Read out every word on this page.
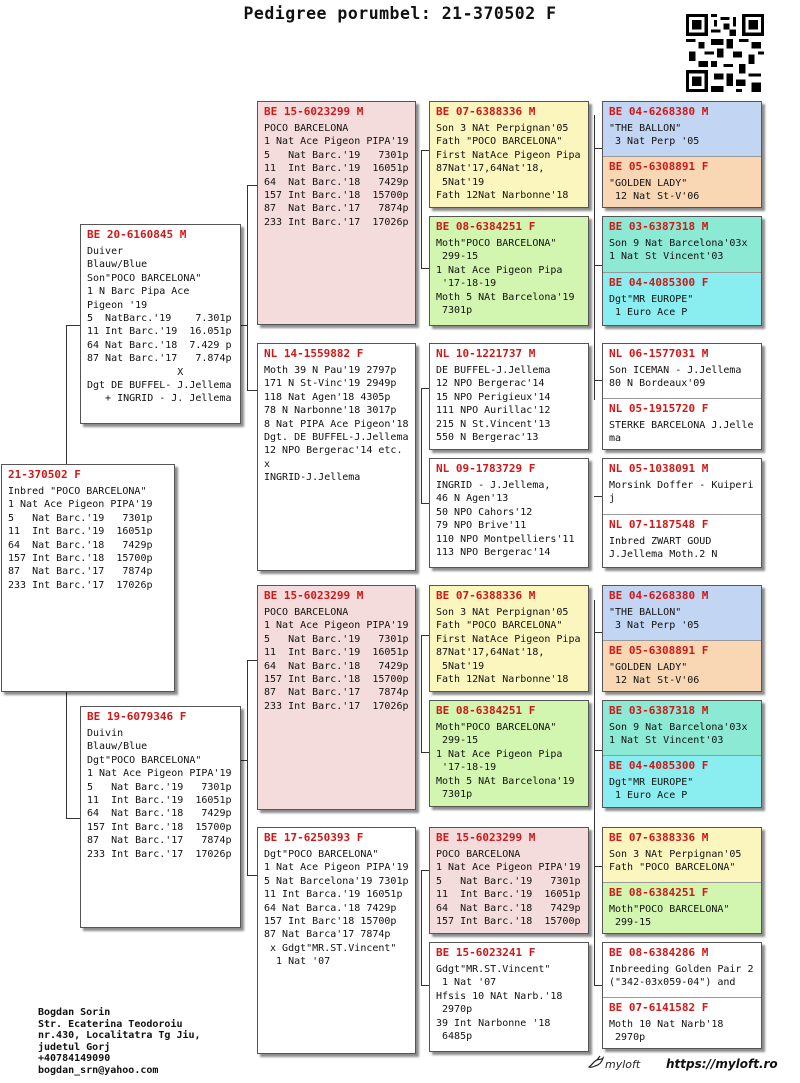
Pedigree porumbel: 21-370502 F
21-370502 F
Inbred "POCO BARCELONA"
1 Nat Ace Pigeon PIPA'19
5   Nat Barc.'19   7301p
11  Int Barc.'19  16051p
64  Nat Barc.'18   7429p
157 Int Barc.'18  15700p
87  Nat Barc.'17   7874p
233 Int Barc.'17  17026p
BE 20-6160845 M
Duiver
Blauw/Blue
Son"POCO BARCELONA"
1 N Barc Pipa Ace
Pigeon '19
5  NatBarc.'19    7.301p
11 Int Barc.'19  16.051p
64 Nat Barc.'18  7.429 p
87 Nat Barc.'17   7.874p
X
Dgt DE BUFFEL- J.Jellema
+ INGRID - J. Jellema
BE 19-6079346 F
Duivin
Blauw/Blue
Dgt"POCO BARCELONA"
1 Nat Ace Pigeon PIPA'19
5   Nat Barc.'19   7301p
11  Int Barc.'19  16051p
64  Nat Barc.'18   7429p
157 Int Barc.'18  15700p
87  Nat Barc.'17   7874p
233 Int Barc.'17  17026p
BE 15-6023299 M
POCO BARCELONA
1 Nat Ace Pigeon PIPA'19
5   Nat Barc.'19   7301p
11  Int Barc.'19  16051p
64  Nat Barc.'18   7429p
157 Int Barc.'18  15700p
87  Nat Barc.'17   7874p
233 Int Barc.'17  17026p
NL 14-1559882 F
Moth 39 N Pau'19 2797p
171 N St-Vinc'19 2949p
118 Nat Agen'18 4305p
78 N Narbonne'18 3017p
8 Nat PIPA Ace Pigeon'18
Dgt. DE BUFFEL-J.Jellema
12 NPO Bergerac'14 etc.
x
INGRID-J.Jellema
BE 15-6023299 M
POCO BARCELONA
1 Nat Ace Pigeon PIPA'19
5   Nat Barc.'19   7301p
11  Int Barc.'19  16051p
64  Nat Barc.'18   7429p
157 Int Barc.'18  15700p
87  Nat Barc.'17   7874p
233 Int Barc.'17  17026p
BE 17-6250393 F
Dgt"POCO BARCELONA"
1 Nat Ace Pigeon PIPA'19
5 Nat Barcelona'19 7301p
11 Int Barca.'19 16051p
64 Nat Barca.'18 7429p
157 Int Barc'18 15700p
87 Nat Barca'17 7874p
x Gdgt"MR.ST.Vincent"
1 Nat '07
BE 07-6388336 M
Son 3 NAt Perpignan'05
Fath "POCO BARCELONA"
First NatAce Pigeon Pipa
87Nat'17,64Nat'18,
5Nat'19
Fath 12Nat Narbonne'18
BE 08-6384251 F
Moth"POCO BARCELONA"
299-15
1 Nat Ace Pigeon Pipa
'17-18-19
Moth 5 NAt Barcelona'19
7301p
NL 10-1221737 M
DE BUFFEL-J.Jellema
12 NPO Bergerac'14
15 NPO Perigieux'14
111 NPO Aurillac'12
215 N St.Vincent'13
550 N Bergerac'13
NL 09-1783729 F
INGRID - J.Jellema,
46 N Agen'13
50 NPO Cahors'12
79 NPO Brive'11
110 NPO Montpelliers'11
113 NPO Bergerac'14
BE 07-6388336 M
Son 3 NAt Perpignan'05
Fath "POCO BARCELONA"
First NatAce Pigeon Pipa
87Nat'17,64Nat'18,
5Nat'19
Fath 12Nat Narbonne'18
BE 08-6384251 F
Moth"POCO BARCELONA"
299-15
1 Nat Ace Pigeon Pipa
'17-18-19
Moth 5 NAt Barcelona'19
7301p
BE 15-6023299 M
POCO BARCELONA
1 Nat Ace Pigeon PIPA'19
5   Nat Barc.'19   7301p
11  Int Barc.'19  16051p
64  Nat Barc.'18   7429p
157 Int Barc.'18  15700p
BE 15-6023241 F
Gdgt"MR.ST.Vincent"
1 Nat '07
Hfsis 10 NAt Narb.'18
2970p
39 Int Narbonne '18
6485p
BE 04-6268380 M
"THE BALLON"
3 Nat Perp '05
BE 05-6308891 F
"GOLDEN LADY"
12 Nat St-V'06
BE 03-6387318 M
Son 9 Nat Barcelona'03x
1 Nat St Vincent'03
BE 04-4085300 F
Dgt"MR EUROPE"
1 Euro Ace P
NL 06-1577031 M
Son ICEMAN - J.Jellema
80 N Bordeaux'09
NL 05-1915720 F
STERKE BARCELONA J.Jelle
ma
NL 05-1038091 M
Morsink Doffer - Kuiperi
j
NL 07-1187548 F
Inbred ZWART GOUD
J.Jellema Moth.2 N
BE 04-6268380 M
"THE BALLON"
3 Nat Perp '05
BE 05-6308891 F
"GOLDEN LADY"
12 Nat St-V'06
BE 03-6387318 M
Son 9 Nat Barcelona'03x
1 Nat St Vincent'03
BE 04-4085300 F
Dgt"MR EUROPE"
1 Euro Ace P
BE 07-6388336 M
Son 3 NAt Perpignan'05
Fath "POCO BARCELONA"
BE 08-6384251 F
Moth"POCO BARCELONA"
299-15
BE 08-6384286 M
Inbreeding Golden Pair 2
("342-03x059-04") and
BE 07-6141582 F
Moth 10 Nat Narb'18
2970p
Bogdan Sorin
Str. Ecaterina Teodoroiu
nr.430, Localitatra Tg Jiu,
judetul Gorj
+40784149090
bogdan_srn@yahoo.com	myloft https://myloft.ro
